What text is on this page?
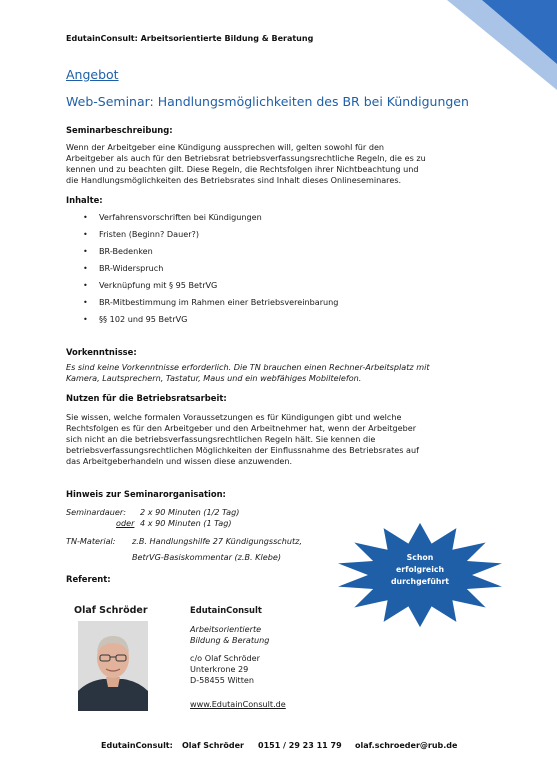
EdutainConsult: Arbeitsorientierte Bildung & Beratung
Angebot
Web-Seminar: Handlungsmöglichkeiten des BR bei Kündigungen
Seminarbeschreibung:
Wenn der Arbeitgeber eine Kündigung aussprechen will, gelten sowohl für den
Arbeitgeber als auch für den Betriebsrat betriebsverfassungsrechtliche Regeln, die es zu
kennen und zu beachten gilt. Diese Regeln, die Rechtsfolgen ihrer Nichtbeachtung und
die Handlungsmöglichkeiten des Betriebsrates sind Inhalt dieses Onlineseminares.
Inhalte:
• Verfahrensvorschriften bei Kündigungen
• Fristen (Beginn? Dauer?)
• BR-Bedenken
• BR-Widerspruch
• Verknüpfung mit § 95 BetrVG
• BR-Mitbestimmung im Rahmen einer Betriebsvereinbarung
• §§ 102 und 95 BetrVG
Vorkenntnisse:
Es sind keine Vorkenntnisse erforderlich. Die TN brauchen einen Rechner-Arbeitsplatz mit
Kamera, Lautsprechern, Tastatur, Maus und ein webfähiges Mobiltelefon.
Nutzen für die Betriebsratsarbeit:
Sie wissen, welche formalen Voraussetzungen es für Kündigungen gibt und welche
Rechtsfolgen es für den Arbeitgeber und den Arbeitnehmer hat, wenn der Arbeitgeber
sich nicht an die betriebsverfassungsrechtlichen Regeln hält. Sie kennen die
betriebsverfassungsrechtlichen Möglichkeiten der Einflussnahme des Betriebsrates auf
das Arbeitgeberhandeln und wissen diese anzuwenden.
Hinweis zur Seminarorganisation:
Seminardauer: 2 x 90 Minuten (1/2 Tag)
oder 4 x 90 Minuten (1 Tag)
TN-Material: z.B. Handlungshilfe 27 Kündigungsschutz,
BetrVG-Basiskommentar (z.B. Klebe)	Schon
erfolgreich
durchgeführt
Referent:
Olaf Schröder	EdutainConsult
Arbeitsorientierte
Bildung & Beratung
c/o Olaf Schröder
Unterkrone 29
D-58455 Witten
www.EdutainConsult.de
EdutainConsult: Olaf Schröder 0151 / 29 23 11 79 olaf.schroeder@rub.de
